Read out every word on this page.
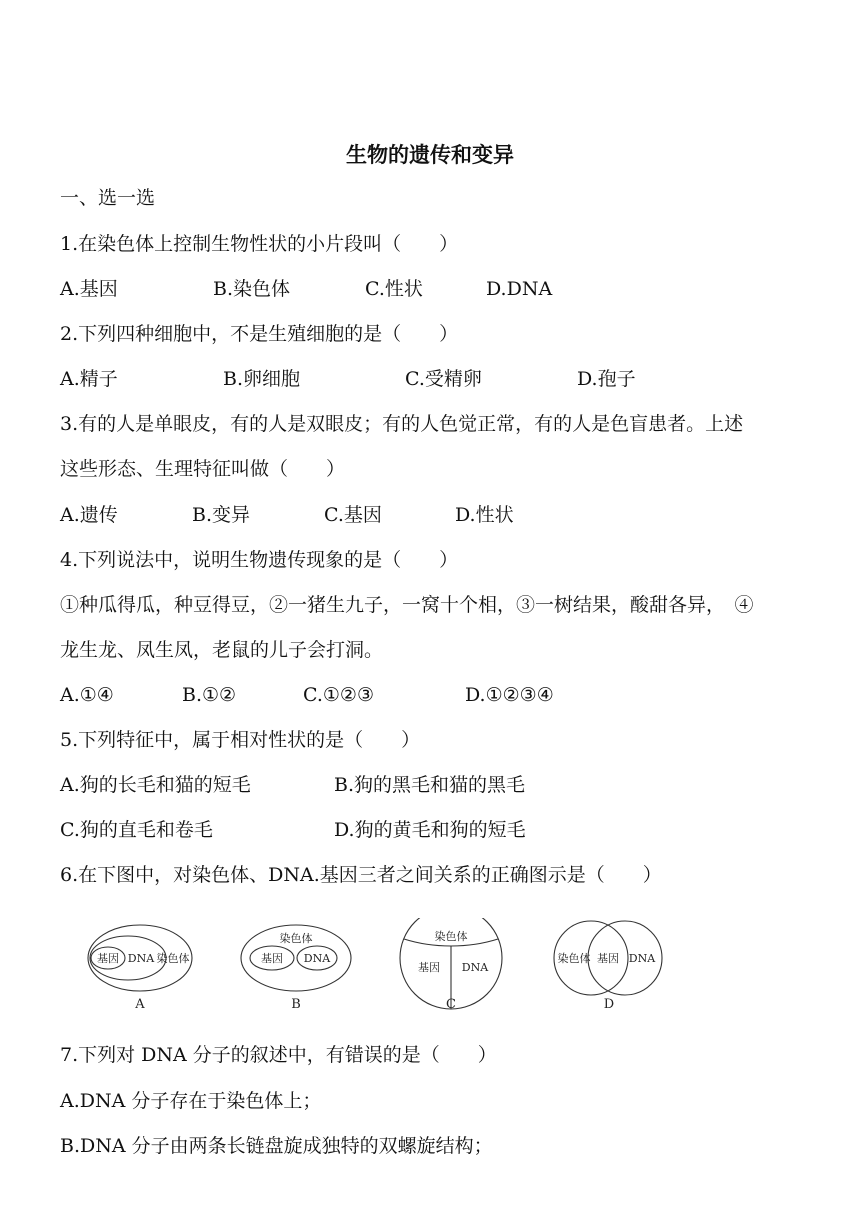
生物的遗传和变异
一、选一选
1.在染色体上控制生物性状的小片段叫（　　）
A.基因	B.染色体	C.性状	D.DNA
2.下列四种细胞中，不是生殖细胞的是（　　）
A.精子	B.卵细胞	C.受精卵	D.孢子
3.有的人是单眼皮，有的人是双眼皮；有的人色觉正常，有的人是色盲患者。上述
这些形态、生理特征叫做（　　）
A.遗传	B.变异	C.基因	D.性状
4.下列说法中，说明生物遗传现象的是（　　）
①种瓜得瓜，种豆得豆，②一猪生九子，一窝十个相，③一树结果，酸甜各异，　④
龙生龙、凤生凤，老鼠的儿子会打洞。
A.①④	B.①②	C.①②③	D.①②③④
5.下列特征中，属于相对性状的是（　　）
A.狗的长毛和猫的短毛	B.狗的黑毛和猫的黑毛
C.狗的直毛和卷毛	D.狗的黄毛和狗的短毛
6.在下图中，对染色体、DNA.基因三者之间关系的正确图示是（　　）
基因 DNA 染色体
染色体
基因 DNA
染色体
基因 DNA
染色体 基因 DNA
A	B	C	D
7.下列对 DNA 分子的叙述中，有错误的是（　　）
A.DNA 分子存在于染色体上；
B.DNA 分子由两条长链盘旋成独特的双螺旋结构；
